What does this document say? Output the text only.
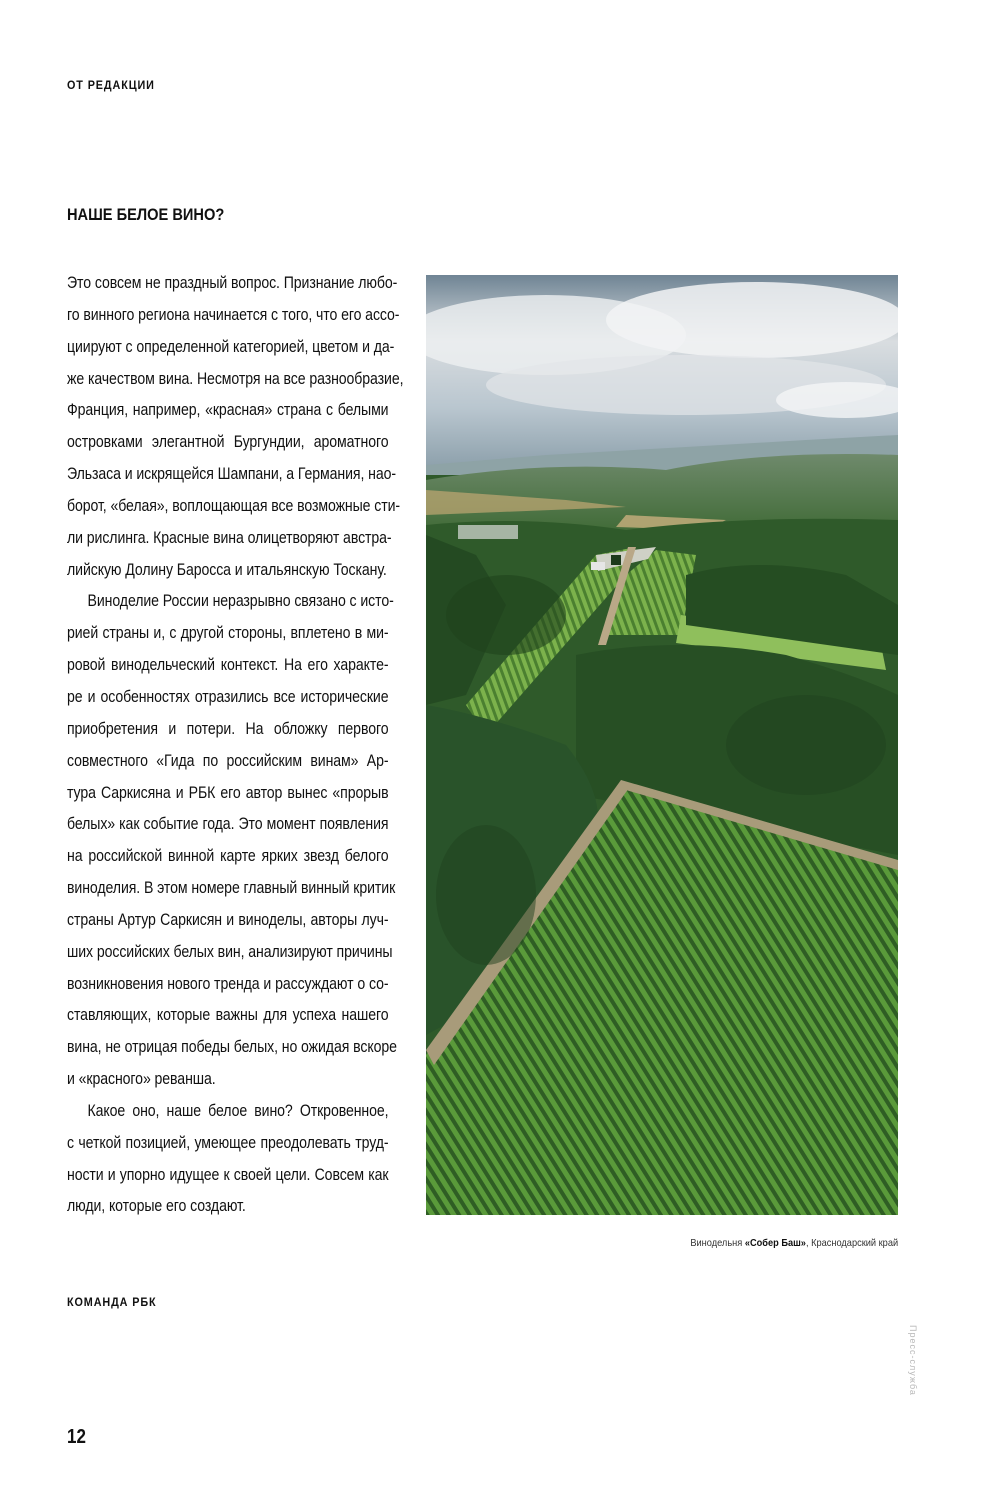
ОТ РЕДАКЦИИ
НАШЕ БЕЛОЕ ВИНО?

Это совсем не праздный вопрос. Признание любо-
го винного региона начинается с того, что его ассо-
циируют с определенной категорией, цветом и да-
же качеством вина. Несмотря на все разнообразие,
Франция, например, «красная» страна с белыми
островками элегантной Бургундии, ароматного
Эльзаса и искрящейся Шампани, а Германия, нао-
борот, «белая», воплощающая все возможные сти-
ли рислинга. Красные вина олицетворяют австра-
лийскую Долину Баросса и итальянскую Тоскану.

Виноделие России неразрывно связано с исто-
рией страны и, с другой стороны, вплетено в ми-
ровой винодельческий контекст. На его характе-
ре и особенностях отразились все исторические
приобретения и потери. На обложку первого
совместного «Гида по российским винам» Ар-
тура Саркисяна и РБК его автор вынес «прорыв
белых» как событие года. Это момент появления
на российской винной карте ярких звезд белого
виноделия. В этом номере главный винный критик
страны Артур Саркисян и виноделы, авторы луч-
ших российских белых вин, анализируют причины
возникновения нового тренда и рассуждают о со-
ставляющих, которые важны для успеха нашего
вина, не отрицая победы белых, но ожидая вскоре
и «красного» реванша.

Какое оно, наше белое вино? Откровенное,
с четкой позицией, умеющее преодолевать труд-
ности и упорно идущее к своей цели. Совсем как
люди, которые его создают.

Винодельня «Собер Баш», Краснодарский край
КОМАНДА РБК
Пресс-служба
12
